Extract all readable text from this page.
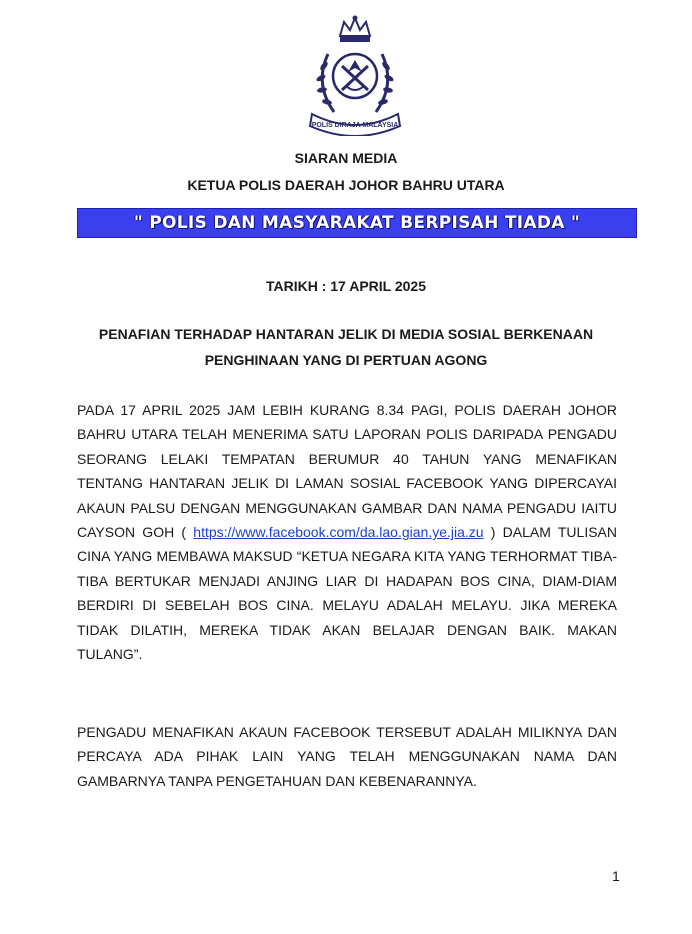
POLIS DIRAJA MALAYSIA
SIARAN MEDIA
KETUA POLIS DAERAH JOHOR BAHRU UTARA
" POLIS DAN MASYARAKAT BERPISAH TIADA "
TARIKH : 17 APRIL 2025
PENAFIAN TERHADAP HANTARAN JELIK DI MEDIA SOSIAL BERKENAAN
PENGHINAAN YANG DI PERTUAN AGONG
PADA 17 APRIL 2025 JAM LEBIH KURANG 8.34 PAGI, POLIS DAERAH JOHOR BAHRU UTARA TELAH MENERIMA SATU LAPORAN POLIS DARIPADA PENGADU SEORANG LELAKI TEMPATAN BERUMUR 40 TAHUN YANG MENAFIKAN TENTANG HANTARAN JELIK DI LAMAN SOSIAL FACEBOOK YANG DIPERCAYAI AKAUN PALSU DENGAN MENGGUNAKAN GAMBAR DAN NAMA PENGADU IAITU CAYSON GOH ( https://www.facebook.com/da.lao.gian.ye.jia.zu ) DALAM TULISAN CINA YANG MEMBAWA MAKSUD “KETUA NEGARA KITA YANG TERHORMAT TIBA-TIBA BERTUKAR MENJADI ANJING LIAR DI HADAPAN BOS CINA, DIAM-DIAM BERDIRI DI SEBELAH BOS CINA. MELAYU ADALAH MELAYU. JIKA MEREKA TIDAK DILATIH, MEREKA TIDAK AKAN BELAJAR DENGAN BAIK. MAKAN TULANG”.
PENGADU MENAFIKAN AKAUN FACEBOOK TERSEBUT ADALAH MILIKNYA DAN PERCAYA ADA PIHAK LAIN YANG TELAH MENGGUNAKAN NAMA DAN GAMBARNYA TANPA PENGETAHUAN DAN KEBENARANNYA.
1
